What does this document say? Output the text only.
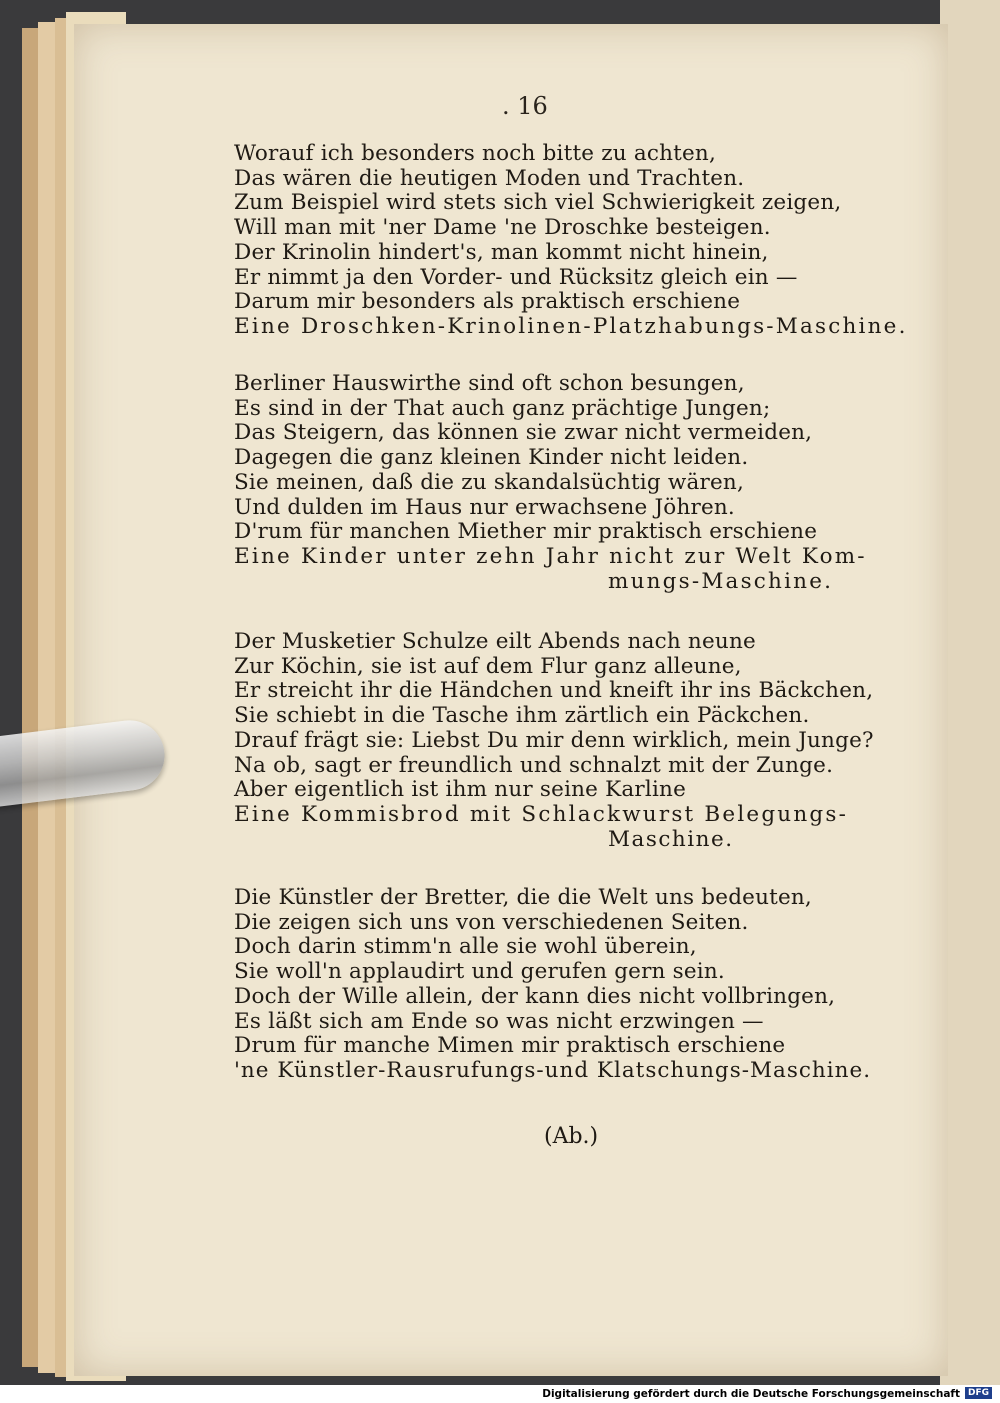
. 16
Worauf ich besonders noch bitte zu achten,
Das wären die heutigen Moden und Trachten.
Zum Beispiel wird stets sich viel Schwierigkeit zeigen,
Will man mit 'ner Dame 'ne Droschke besteigen.
Der Krinolin hindert's, man kommt nicht hinein,
Er nimmt ja den Vorder- und Rücksitz gleich ein —
Darum mir besonders als praktisch erschiene
Eine Droschken-Krinolinen-Platzhabungs-Maschine.
Berliner Hauswirthe sind oft schon besungen,
Es sind in der That auch ganz prächtige Jungen;
Das Steigern, das können sie zwar nicht vermeiden,
Dagegen die ganz kleinen Kinder nicht leiden.
Sie meinen, daß die zu skandalsüchtig wären,
Und dulden im Haus nur erwachsene Jöhren.
D'rum für manchen Miether mir praktisch erschiene
Eine Kinder unter zehn Jahr nicht zur Welt Kom-
mungs-Maschine.
Der Musketier Schulze eilt Abends nach neune
Zur Köchin, sie ist auf dem Flur ganz alleune,
Er streicht ihr die Händchen und kneift ihr ins Bäckchen,
Sie schiebt in die Tasche ihm zärtlich ein Päckchen.
Drauf frägt sie: Liebst Du mir denn wirklich, mein Junge?
Na ob, sagt er freundlich und schnalzt mit der Zunge.
Aber eigentlich ist ihm nur seine Karline
Eine Kommisbrod mit Schlackwurst Belegungs-
Maschine.
Die Künstler der Bretter, die die Welt uns bedeuten,
Die zeigen sich uns von verschiedenen Seiten.
Doch darin stimm'n alle sie wohl überein,
Sie woll'n applaudirt und gerufen gern sein.
Doch der Wille allein, der kann dies nicht vollbringen,
Es läßt sich am Ende so was nicht erzwingen —
Drum für manche Mimen mir praktisch erschiene
'ne Künstler-Rausrufungs-und Klatschungs-Maschine.
(Ab.)
Digitalisierung gefördert durch die Deutsche Forschungsgemeinschaft DFG
